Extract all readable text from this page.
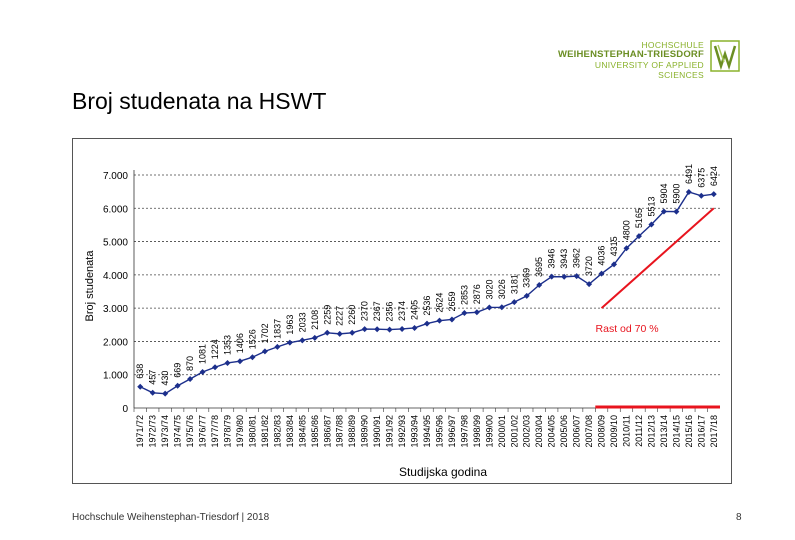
HOCHSCHULE
WEIHENSTEPHAN-TRIESDORF
UNIVERSITY OF APPLIED SCIENCES
Broj studenata na HSWT
0
1.000
2.000
3.000
4.000
5.000
6.000
7.000
1971/72 1972/73 1973/74 1974/75 1975/76 1976/77 1977/78 1978/79 1979/80 1980/81 1981/82 1982/83 1983/84 1984/85 1985/86 1986/87 1987/88 1988/89 1989/90 1990/91 1991/92 1992/93 1993/94 1994/95 1995/96 1996/97 1997/98 1998/99 1999/00 2000/01 2001/02 2002/03 2003/04 2004/05 2005/06 2006/07 2007/08 2008/09 2009/10 2010/11 2011/12 2012/13 2013/14 2014/15 2015/16 2016/17 2017/18
Rast od 70 %
638 457 430
669 870 1081 1224 1353 1406 1526 1702 1837 1963 2033 2108 2259 2227 2260 2370 2367 2356 2374 2405 2536 2624 2659 2853 2876 3020 3026 3181 3369
3695 3946 3943 3962 3720
4036 4315
4800
5165
5513
5904 5900
6491 6375 6424
Broj studenata
Studijska godina
Hochschule Weihenstephan-Triesdorf | 2018	8
